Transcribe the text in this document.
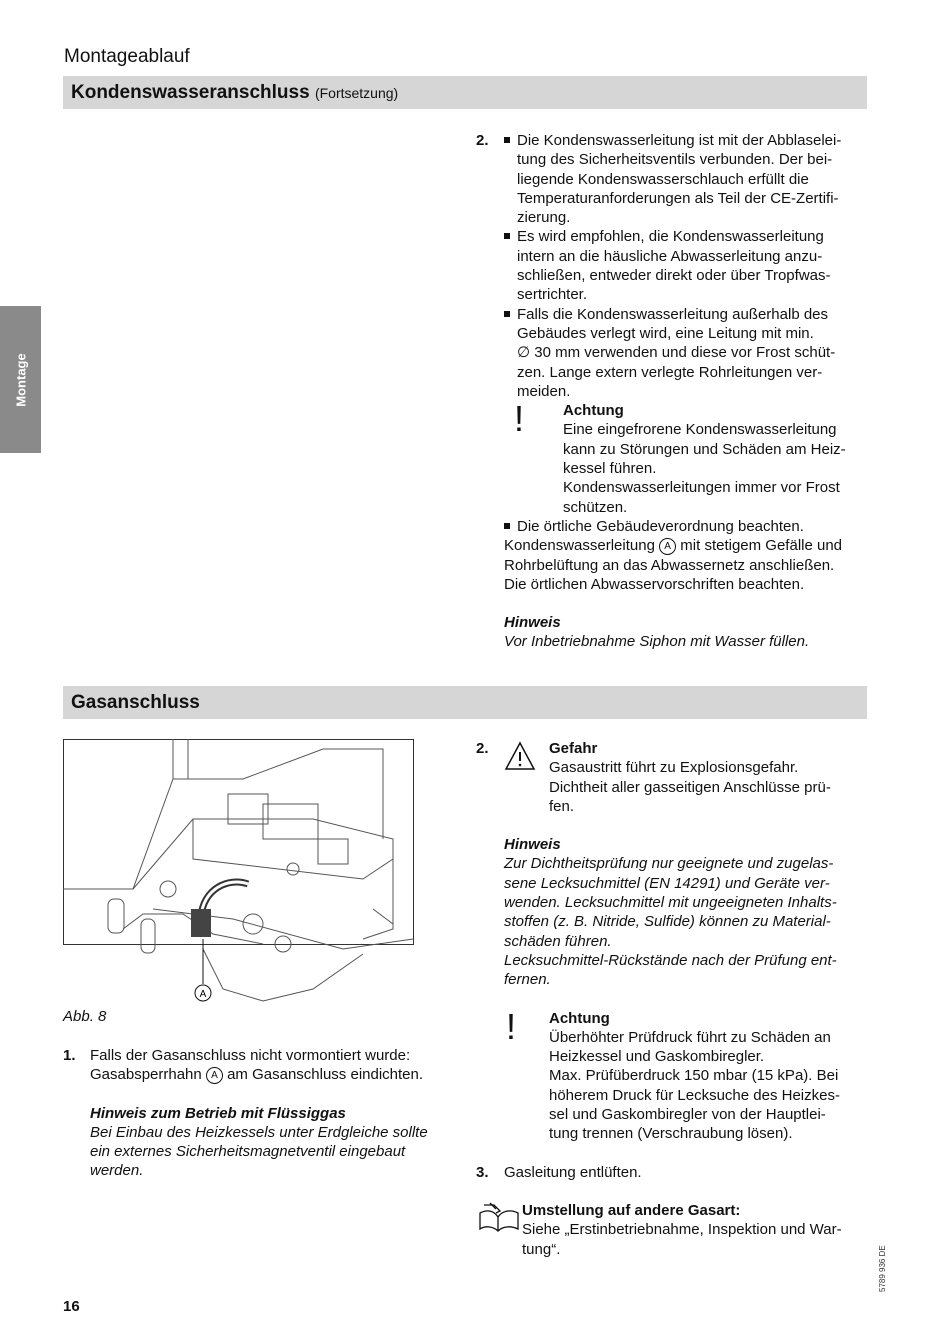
Montageablauf
Kondenswasseranschluss (Fortsetzung)
Montage
2. Die Kondenswasserleitung ist mit der Abblaselei-
tung des Sicherheitsventils verbunden. Der bei-
liegende Kondenswasserschlauch erfüllt die
Temperaturanforderungen als Teil der CE-Zertifi-
zierung.
Es wird empfohlen, die Kondenswasserleitung
intern an die häusliche Abwasserleitung anzu-
schließen, entweder direkt oder über Tropfwas-
sertrichter.
Falls die Kondenswasserleitung außerhalb des
Gebäudes verlegt wird, eine Leitung mit min.
∅ 30 mm verwenden und diese vor Frost schüt-
zen. Lange extern verlegte Rohrleitungen ver-
meiden.
!	Achtung
Eine eingefrorene Kondenswasserleitung
kann zu Störungen und Schäden am Heiz-
kessel führen.
Kondenswasserleitungen immer vor Frost
schützen.
Die örtliche Gebäudeverordnung beachten.
Kondenswasserleitung A mit stetigem Gefälle und
Rohrbelüftung an das Abwassernetz anschließen.
Die örtlichen Abwasservorschriften beachten.
Hinweis
Vor Inbetriebnahme Siphon mit Wasser füllen.
Gasanschluss
A
Abb. 8
1. Falls der Gasanschluss nicht vormontiert wurde:
Gasabsperrhahn A am Gasanschluss eindichten.
Hinweis zum Betrieb mit Flüssiggas
Bei Einbau des Heizkessels unter Erdgleiche sollte
ein externes Sicherheitsmagnetventil eingebaut
werden.
2.	Gefahr
Gasaustritt führt zu Explosionsgefahr.
Dichtheit aller gasseitigen Anschlüsse prü-
fen.
Hinweis
Zur Dichtheitsprüfung nur geeignete und zugelas-
sene Lecksuchmittel (EN 14291) und Geräte ver-
wenden. Lecksuchmittel mit ungeeigneten Inhalts-
stoffen (z. B. Nitride, Sulfide) können zu Material-
schäden führen.
Lecksuchmittel-Rückstände nach der Prüfung ent-
fernen.
! Achtung
Überhöhter Prüfdruck führt zu Schäden an
Heizkessel und Gaskombiregler.
Max. Prüfüberdruck 150 mbar (15 kPa). Bei
höherem Druck für Lecksuche des Heizkes-
sel und Gaskombiregler von der Hauptlei-
tung trennen (Verschraubung lösen).
3. Gasleitung entlüften.
Umstellung auf andere Gasart:
Siehe „Erstinbetriebnahme, Inspektion und War-
tung“.
16
5789 936 DE
